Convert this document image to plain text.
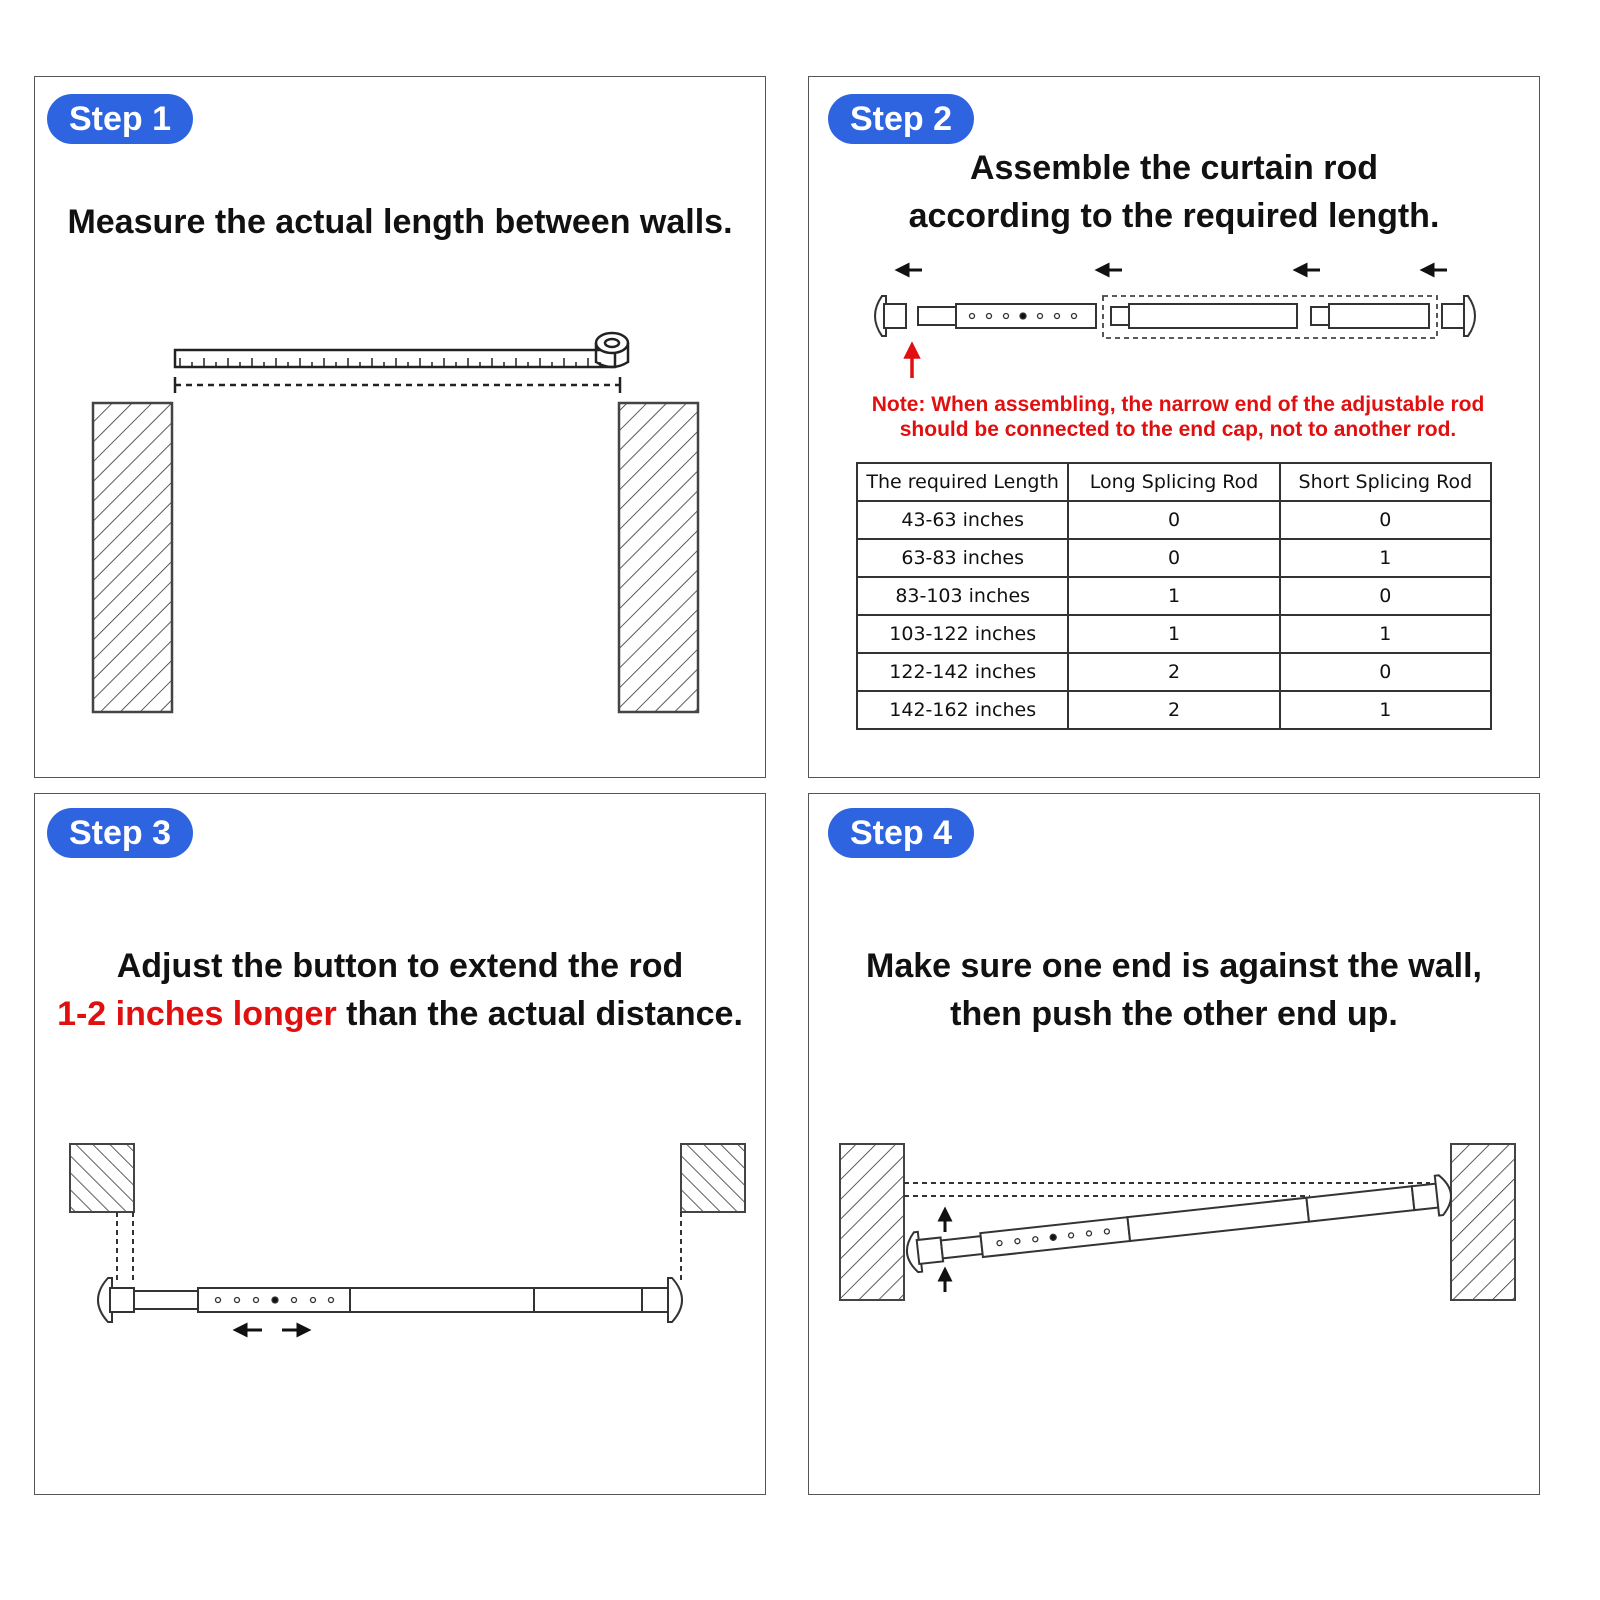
Step 1	Step 2
Step 3	Step 4
Measure the actual length between walls.
Assemble the curtain rod
according to the required length.
Note: When assembling, the narrow end of the adjustable rod
should be connected to the end cap, not to another rod.
Adjust the button to extend the rod
1-2 inches longer than the actual distance.
Make sure one end is against the wall,
then push the other end up.
The required Length	Long Splicing Rod	Short Splicing Rod
43-63 inches	0	0
63-83 inches	0	1
83-103 inches	1	0
103-122 inches	1	1
122-142 inches	2	0
142-162 inches	2	1
